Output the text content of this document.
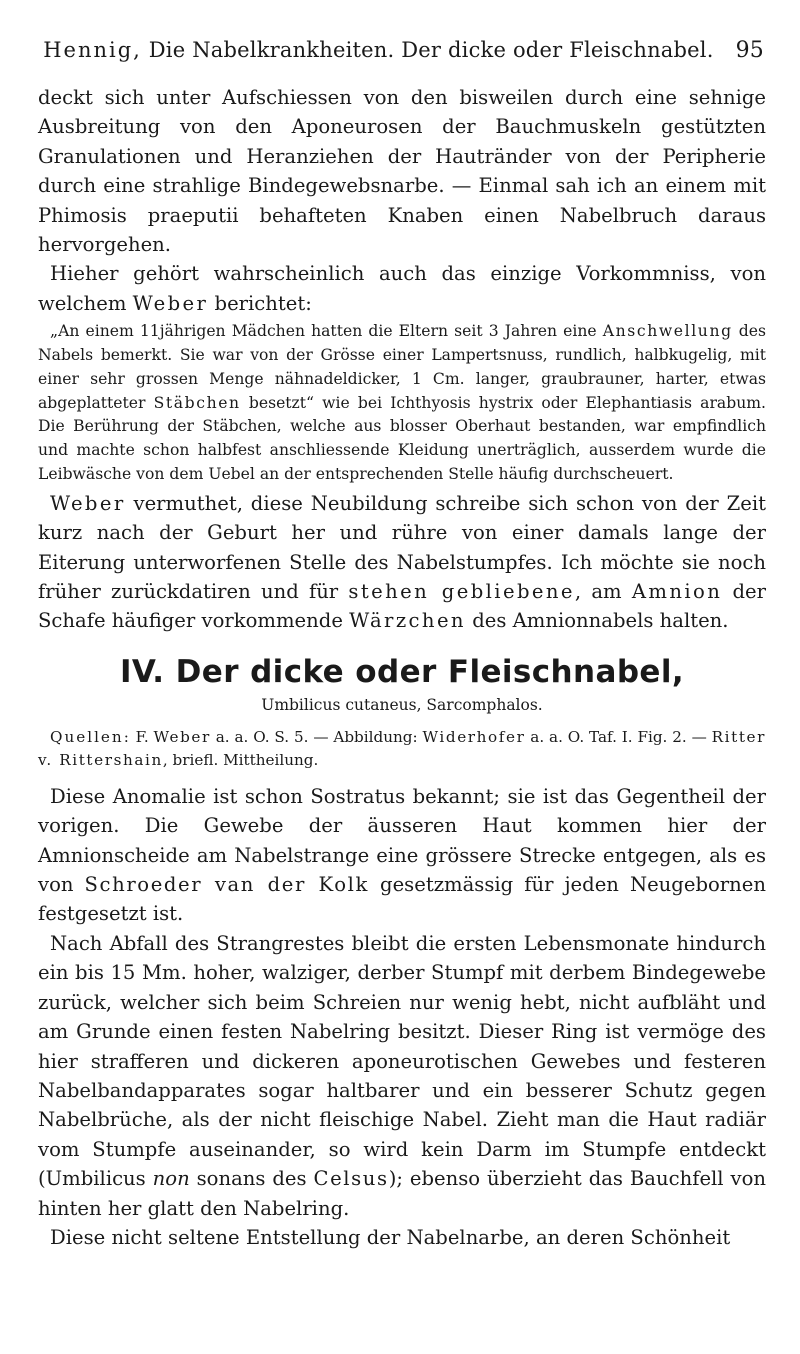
Hennig, Die Nabelkrankheiten. Der dicke oder Fleischnabel. 95

deckt sich unter Aufschiessen von den bisweilen durch eine sehnige Ausbreitung von den Aponeurosen der Bauchmuskeln gestützten Granulationen und Heranziehen der Hautränder von der Peripherie durch eine strahlige Bindegewebsnarbe. — Einmal sah ich an einem mit Phimosis praeputii behafteten Knaben einen Nabelbruch daraus hervorgehen.

Hieher gehört wahrscheinlich auch das einzige Vorkommniss, von welchem Weber berichtet:

„An einem 11jährigen Mädchen hatten die Eltern seit 3 Jahren eine Anschwellung des Nabels bemerkt. Sie war von der Grösse einer Lampertsnuss, rundlich, halbkugelig, mit einer sehr grossen Menge nähnadeldicker, 1 Cm. langer, graubrauner, harter, etwas abgeplatteter Stäbchen besetzt“ wie bei Ichthyosis hystrix oder Elephantiasis arabum. Die Berührung der Stäbchen, welche aus blosser Oberhaut bestanden, war empfindlich und machte schon halbfest anschliessende Kleidung unerträglich, ausserdem wurde die Leibwäsche von dem Uebel an der entsprechenden Stelle häufig durchscheuert.

Weber vermuthet, diese Neubildung schreibe sich schon von der Zeit kurz nach der Geburt her und rühre von einer damals lange der Eiterung unterworfenen Stelle des Nabelstumpfes. Ich möchte sie noch früher zurückdatiren und für stehen gebliebene, am Amnion der Schafe häufiger vorkommende Wärzchen des Amnionnabels halten.

IV. Der dicke oder Fleischnabel,
Umbilicus cutaneus, Sarcomphalos.

Quellen: F. Weber a. a. O. S. 5. — Abbildung: Widerhofer a. a. O. Taf. I. Fig. 2. — Ritter v. Rittershain, briefl. Mittheilung.

Diese Anomalie ist schon Sostratus bekannt; sie ist das Gegentheil der vorigen. Die Gewebe der äusseren Haut kommen hier der Amnionscheide am Nabelstrange eine grössere Strecke entgegen, als es von Schroeder van der Kolk gesetzmässig für jeden Neugebornen festgesetzt ist.

Nach Abfall des Strangrestes bleibt die ersten Lebensmonate hindurch ein bis 15 Mm. hoher, walziger, derber Stumpf mit derbem Bindegewebe zurück, welcher sich beim Schreien nur wenig hebt, nicht aufbläht und am Grunde einen festen Nabelring besitzt. Dieser Ring ist vermöge des hier strafferen und dickeren aponeurotischen Gewebes und festeren Nabelbandapparates sogar haltbarer und ein besserer Schutz gegen Nabelbrüche, als der nicht fleischige Nabel. Zieht man die Haut radiär vom Stumpfe auseinander, so wird kein Darm im Stumpfe entdeckt (Umbilicus non sonans des Celsus); ebenso überzieht das Bauchfell von hinten her glatt den Nabelring.

Diese nicht seltene Entstellung der Nabelnarbe, an deren Schönheit
